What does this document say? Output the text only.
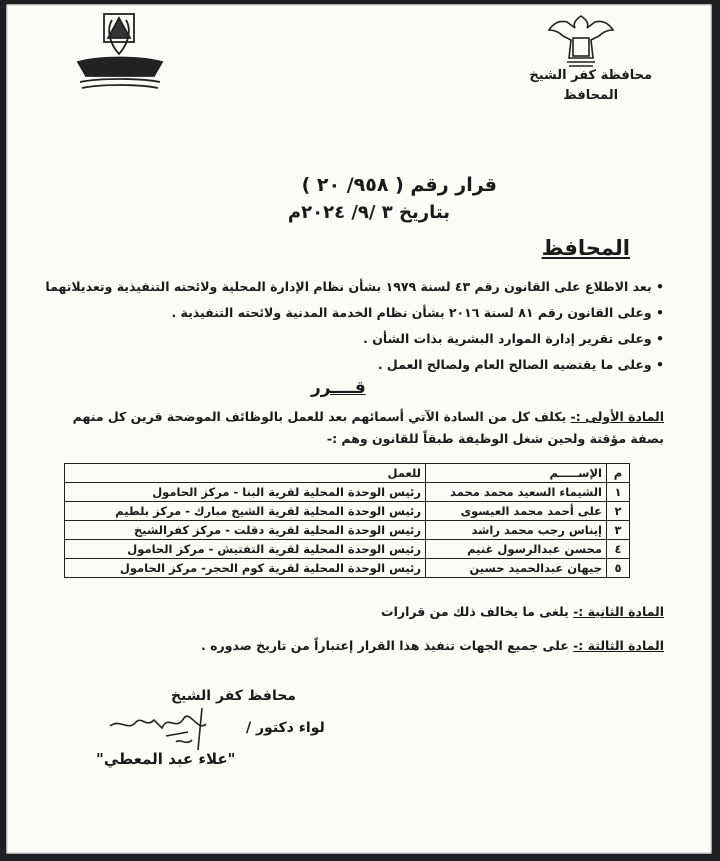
محافظة كفر الشيخ
المحافظ
قرار رقم ( ٩٥٨/ ٢٠ )
بتاريخ ٣ /٩/ ٢٠٢٤م
المحافظ
• بعد الاطلاع على القانون رقم ٤٣ لسنة ١٩٧٩ بشأن نظام الإدارة المحلية ولائحته التنفيذية وتعديلاتهما
• وعلى القانون رقم ٨١ لسنة ٢٠١٦ بشأن نظام الخدمة المدنية ولائحته التنفيذية .
• وعلى تقرير إدارة الموارد البشرية بذات الشأن .
• وعلى ما يقتضيه الصالح العام ولصالح العمل .
قــــرر
المادة الأولى :- يكلف كل من السادة الآتي أسمائهم بعد للعمل بالوظائف الموضحة قرين كل منهم
بصفة مؤقتة ولحين شغل الوظيفة طبقاً للقانون وهم :-
م	الإســـــم	للعمل
١	الشيماء السعيد محمد محمد	رئيس الوحدة المحلية لقرية البنا - مركز الحامول
٢	على أحمد محمد العيسوى	رئيس الوحدة المحلية لقرية الشيخ مبارك - مركز بلطيم
٣	إيناس رجب محمد راشد	رئيس الوحدة المحلية لقرية دقلت - مركز كفرالشيخ
٤	محسن عبدالرسول غنيم	رئيس الوحدة المحلية لقرية التفتيش - مركز الحامول
٥	جيهان عبدالحميد حسين	رئيس الوحدة المحلية لقرية كوم الحجر- مركز الحامول
المادة الثانية :- يلغى ما يخالف ذلك من قرارات
المادة الثالثة :- على جميع الجهات تنفيذ هذا القرار إعتباراً من تاريخ صدوره .
محافظ كفر الشيخ
لواء دكتور /
"علاء عبد المعطي"
